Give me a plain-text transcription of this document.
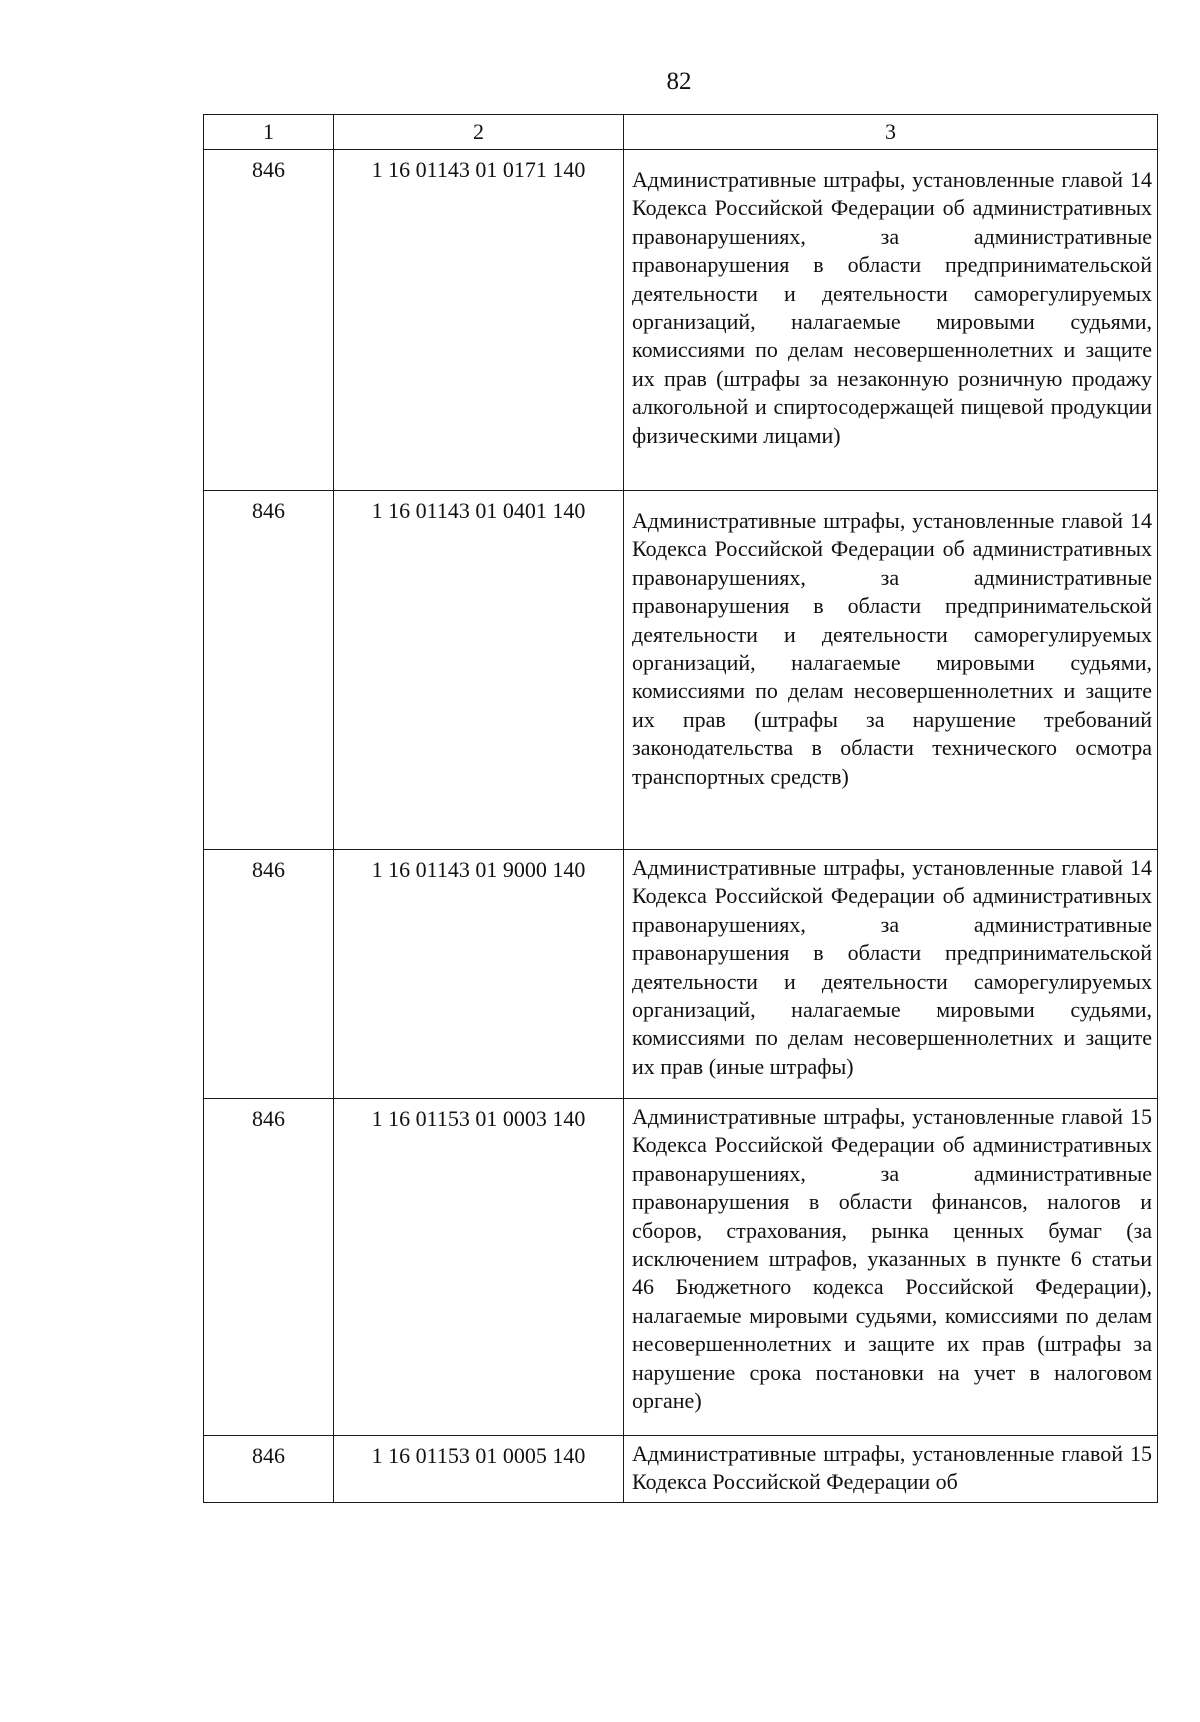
82
1	2	3
846	1 16 01143 01 0171 140	Административные штрафы, установленные главой 14 Кодекса Российской Федерации об административных правонарушениях, за административные правонарушения в области предпринимательской деятельности и деятельности саморегулируемых организаций, налагаемые мировыми судьями, комиссиями по делам несовершеннолетних и защите их прав (штрафы за незаконную розничную продажу алкогольной и спиртосодержащей пищевой продукции физическими лицами)
846	1 16 01143 01 0401 140	Административные штрафы, установленные главой 14 Кодекса Российской Федерации об административных правонарушениях, за административные правонарушения в области предпринимательской деятельности и деятельности саморегулируемых организаций, налагаемые мировыми судьями, комиссиями по делам несовершеннолетних и защите их прав (штрафы за нарушение требований законодательства в области технического осмотра транспортных средств)
846	1 16 01143 01 9000 140	Административные штрафы, установленные главой 14 Кодекса Российской Федерации об административных правонарушениях, за административные правонарушения в области предпринимательской деятельности и деятельности саморегулируемых организаций, налагаемые мировыми судьями, комиссиями по делам несовершеннолетних и защите их прав (иные штрафы)
846	1 16 01153 01 0003 140	Административные штрафы, установленные главой 15 Кодекса Российской Федерации об административных правонарушениях, за административные правонарушения в области финансов, налогов и сборов, страхования, рынка ценных бумаг (за исключением штрафов, указанных в пункте 6 статьи 46 Бюджетного кодекса Российской Федерации), налагаемые мировыми судьями, комиссиями по делам несовершеннолетних и защите их прав (штрафы за нарушение срока постановки на учет в налоговом органе)
846	1 16 01153 01 0005 140	Административные штрафы, установленные главой 15 Кодекса Российской Федерации об
